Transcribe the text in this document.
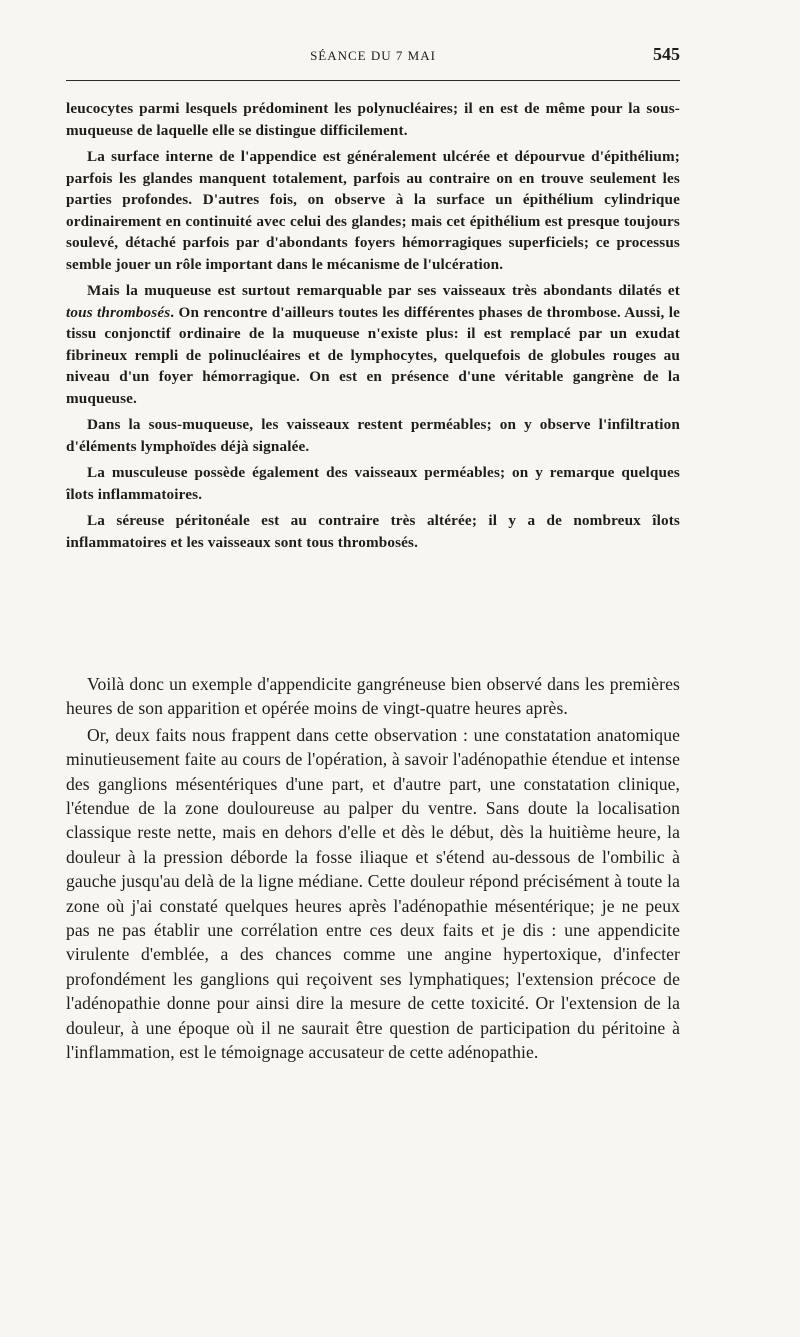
SÉANCE DU 7 MAI	545

leucocytes parmi lesquels prédominent les polynucléaires; il en est de même pour la sous-muqueuse de laquelle elle se distingue difficilement.

La surface interne de l'appendice est généralement ulcérée et dépourvue d'épithélium; parfois les glandes manquent totalement, parfois au contraire on en trouve seulement les parties profondes. D'autres fois, on observe à la surface un épithélium cylindrique ordinairement en continuité avec celui des glandes; mais cet épithélium est presque toujours soulevé, détaché parfois par d'abondants foyers hémorragiques superficiels; ce processus semble jouer un rôle important dans le mécanisme de l'ulcération.

Mais la muqueuse est surtout remarquable par ses vaisseaux très abondants dilatés et tous thrombosés. On rencontre d'ailleurs toutes les différentes phases de thrombose. Aussi, le tissu conjonctif ordinaire de la muqueuse n'existe plus: il est remplacé par un exudat fibrineux rempli de polinucléaires et de lymphocytes, quelquefois de globules rouges au niveau d'un foyer hémorragique. On est en présence d'une véritable gangrène de la muqueuse.

Dans la sous-muqueuse, les vaisseaux restent perméables; on y observe l'infiltration d'éléments lymphoïdes déjà signalée.

La musculeuse possède également des vaisseaux perméables; on y remarque quelques îlots inflammatoires.

La séreuse péritonéale est au contraire très altérée; il y a de nombreux îlots inflammatoires et les vaisseaux sont tous thrombosés.

Voilà donc un exemple d'appendicite gangréneuse bien observé dans les premières heures de son apparition et opérée moins de vingt-quatre heures après.

Or, deux faits nous frappent dans cette observation : une constatation anatomique minutieusement faite au cours de l'opération, à savoir l'adénopathie étendue et intense des ganglions mésentériques d'une part, et d'autre part, une constatation clinique, l'étendue de la zone douloureuse au palper du ventre. Sans doute la localisation classique reste nette, mais en dehors d'elle et dès le début, dès la huitième heure, la douleur à la pression déborde la fosse iliaque et s'étend au-dessous de l'ombilic à gauche jusqu'au delà de la ligne médiane. Cette douleur répond précisément à toute la zone où j'ai constaté quelques heures après l'adénopathie mésentérique; je ne peux pas ne pas établir une corrélation entre ces deux faits et je dis : une appendicite virulente d'emblée, a des chances comme une angine hypertoxique, d'infecter profondément les ganglions qui reçoivent ses lymphatiques; l'extension précoce de l'adénopathie donne pour ainsi dire la mesure de cette toxicité. Or l'extension de la douleur, à une époque où il ne saurait être question de participation du péritoine à l'inflammation, est le témoignage accusateur de cette adénopathie.
